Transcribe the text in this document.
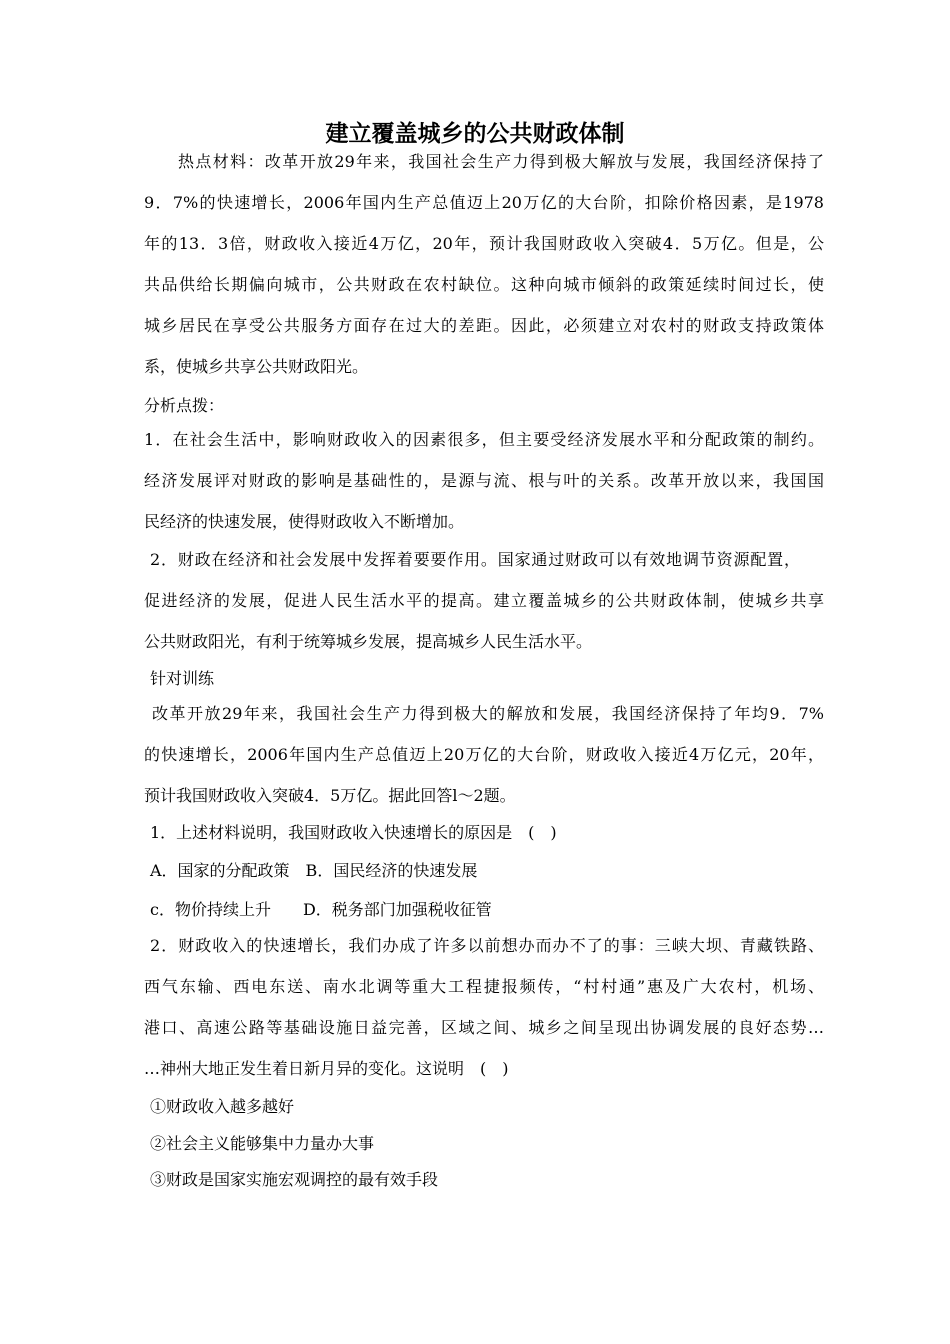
建立覆盖城乡的公共财政体制
热点材料：改革开放29年来，我国社会生产力得到极大解放与发展，我国经济保持了
9．7%的快速增长，2006年国内生产总值迈上20万亿的大台阶，扣除价格因素，是1978
年的13．3倍，财政收入接近4万亿，20年，预计我国财政收入突破4．5万亿。但是，公
共品供给长期偏向城市，公共财政在农村缺位。这种向城市倾斜的政策延续时间过长，使
城乡居民在享受公共服务方面存在过大的差距。因此，必须建立对农村的财政支持政策体
系，使城乡共享公共财政阳光。
分析点拨：
1．在社会生活中，影响财政收入的因素很多，但主要受经济发展水平和分配政策的制约。
经济发展评对财政的影响是基础性的，是源与流、根与叶的关系。改革开放以来，我国国
民经济的快速发展，使得财政收入不断增加。
2．财政在经济和社会发展中发挥着要要作用。国家通过财政可以有效地调节资源配置，
促进经济的发展，促进人民生活水平的提高。建立覆盖城乡的公共财政体制，使城乡共享
公共财政阳光，有利于统筹城乡发展，提高城乡人民生活水平。
针对训练
改革开放29年来，我国社会生产力得到极大的解放和发展，我国经济保持了年均9．7%
的快速增长，2006年国内生产总值迈上20万亿的大台阶，财政收入接近4万亿元，20年，
预计我国财政收入突破4．5万亿。据此回答l～2题。
1．上述材料说明，我国财政收入快速增长的原因是　(　)
A．国家的分配政策　B．国民经济的快速发展
c．物价持续上升　　D．税务部门加强税收征管
2．财政收入的快速增长，我们办成了许多以前想办而办不了的事：三峡大坝、青藏铁路、
西气东输、西电东送、南水北调等重大工程捷报频传，“村村通”惠及广大农村，机场、
港口、高速公路等基础设施日益完善，区域之间、城乡之间呈现出协调发展的良好态势…
…神州大地正发生着日新月异的变化。这说明　(　)
①财政收入越多越好
②社会主义能够集中力量办大事
③财政是国家实施宏观调控的最有效手段
